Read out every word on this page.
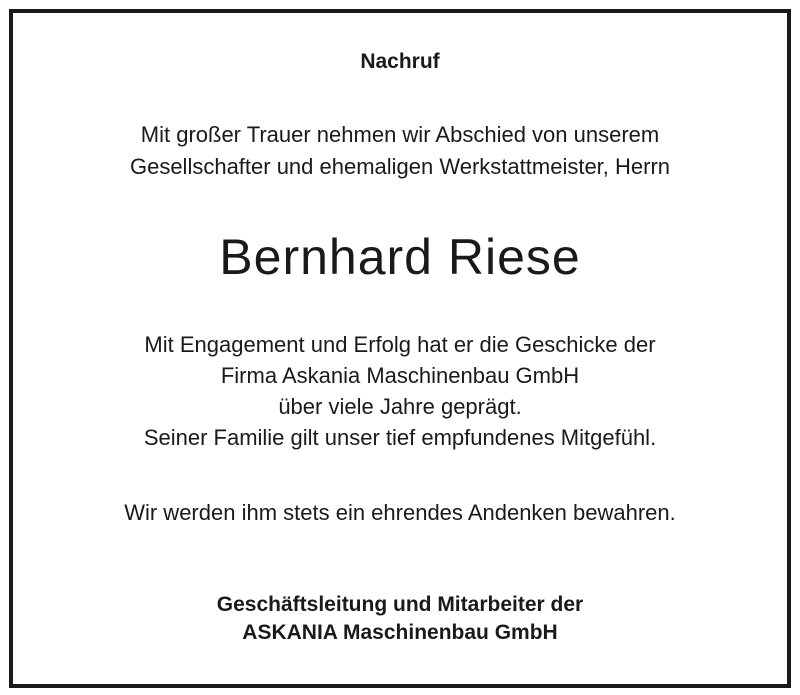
Nachruf
Mit großer Trauer nehmen wir Abschied von unserem
Gesellschafter und ehemaligen Werkstattmeister, Herrn
Bernhard Riese
Mit Engagement und Erfolg hat er die Geschicke der
Firma Askania Maschinenbau GmbH
über viele Jahre geprägt.
Seiner Familie gilt unser tief empfundenes Mitgefühl.
Wir werden ihm stets ein ehrendes Andenken bewahren.
Geschäftsleitung und Mitarbeiter der
ASKANIA Maschinenbau GmbH
